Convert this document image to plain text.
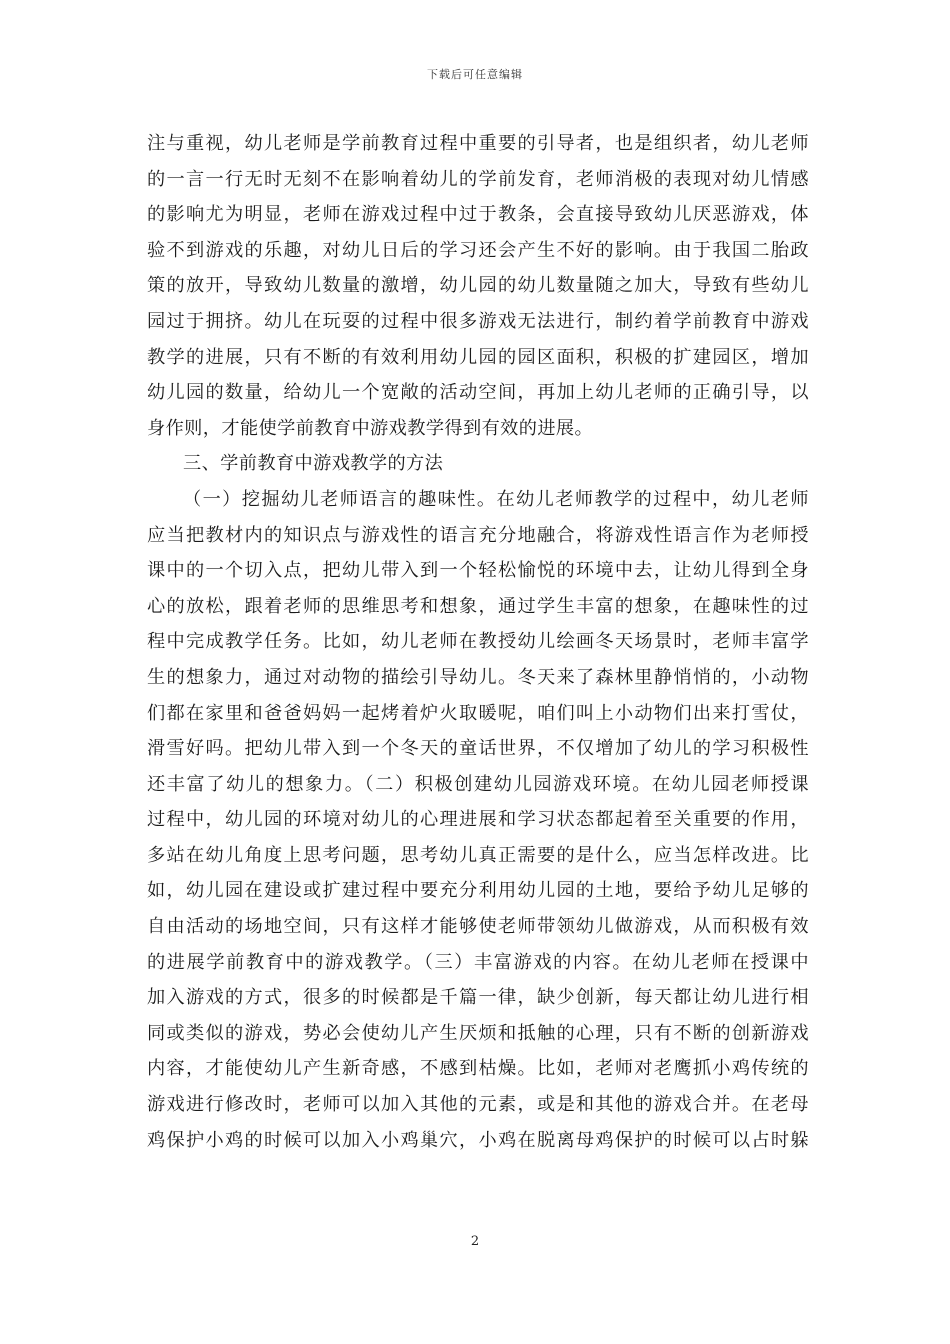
下载后可任意编辑
注与重视，幼儿老师是学前教育过程中重要的引导者，也是组织者，幼儿老师
的一言一行无时无刻不在影响着幼儿的学前发育，老师消极的表现对幼儿情感
的影响尤为明显，老师在游戏过程中过于教条，会直接导致幼儿厌恶游戏，体
验不到游戏的乐趣，对幼儿日后的学习还会产生不好的影响。由于我国二胎政
策的放开，导致幼儿数量的激增，幼儿园的幼儿数量随之加大，导致有些幼儿
园过于拥挤。幼儿在玩耍的过程中很多游戏无法进行，制约着学前教育中游戏
教学的进展，只有不断的有效利用幼儿园的园区面积，积极的扩建园区，增加
幼儿园的数量，给幼儿一个宽敞的活动空间，再加上幼儿老师的正确引导，以
身作则，才能使学前教育中游戏教学得到有效的进展。
三、学前教育中游戏教学的方法
（一）挖掘幼儿老师语言的趣味性。在幼儿老师教学的过程中，幼儿老师
应当把教材内的知识点与游戏性的语言充分地融合，将游戏性语言作为老师授
课中的一个切入点，把幼儿带入到一个轻松愉悦的环境中去，让幼儿得到全身
心的放松，跟着老师的思维思考和想象，通过学生丰富的想象，在趣味性的过
程中完成教学任务。比如，幼儿老师在教授幼儿绘画冬天场景时，老师丰富学
生的想象力，通过对动物的描绘引导幼儿。冬天来了森林里静悄悄的，小动物
们都在家里和爸爸妈妈一起烤着炉火取暖呢，咱们叫上小动物们出来打雪仗，
滑雪好吗。把幼儿带入到一个冬天的童话世界，不仅增加了幼儿的学习积极性
还丰富了幼儿的想象力。（二）积极创建幼儿园游戏环境。在幼儿园老师授课
过程中，幼儿园的环境对幼儿的心理进展和学习状态都起着至关重要的作用，
多站在幼儿角度上思考问题，思考幼儿真正需要的是什么，应当怎样改进。比
如，幼儿园在建设或扩建过程中要充分利用幼儿园的土地，要给予幼儿足够的
自由活动的场地空间，只有这样才能够使老师带领幼儿做游戏，从而积极有效
的进展学前教育中的游戏教学。（三）丰富游戏的内容。在幼儿老师在授课中
加入游戏的方式，很多的时候都是千篇一律，缺少创新，每天都让幼儿进行相
同或类似的游戏，势必会使幼儿产生厌烦和抵触的心理，只有不断的创新游戏
内容，才能使幼儿产生新奇感，不感到枯燥。比如，老师对老鹰抓小鸡传统的
游戏进行修改时，老师可以加入其他的元素，或是和其他的游戏合并。在老母
鸡保护小鸡的时候可以加入小鸡巢穴，小鸡在脱离母鸡保护的时候可以占时躲
2
